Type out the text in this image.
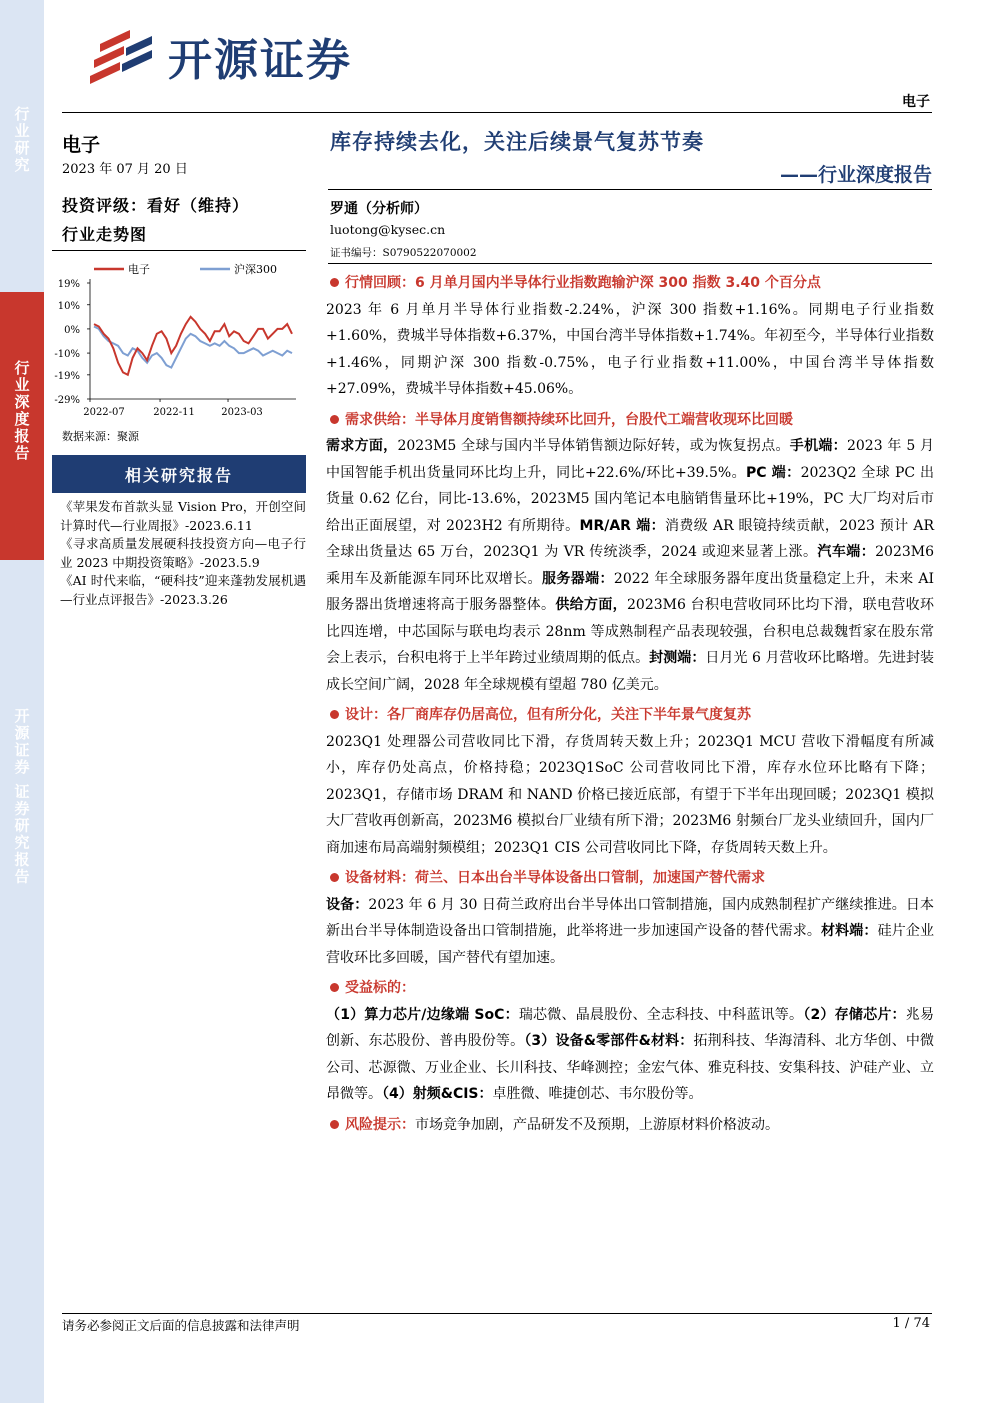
行业研究
行业深度报告
开源证券 证券研究报告
开源证券
电子
电子
2023 年 07 月 20 日
投资评级：看好（维持）
行业走势图
电子	沪深300
19%
10%
0%
-10%
-19%
-29%
2022-07	2022-11	2023-03
数据来源：聚源
相关研究报告
《苹果发布首款头显 Vision Pro，开创空间计算时代—行业周报》-2023.6.11
《寻求高质量发展硬科技投资方向—电子行业 2023 中期投资策略》-2023.5.9
《AI 时代来临，“硬科技”迎来蓬勃发展机遇—行业点评报告》-2023.3.26
库存持续去化，关注后续景气复苏节奏
——行业深度报告
罗通（分析师）
luotong@kysec.cn
证书编号：S0790522070002
行情回顾：6 月单月国内半导体行业指数跑输沪深 300 指数 3.40 个百分点
2023 年 6 月单月半导体行业指数-2.24%，沪深 300 指数+1.16%。同期电子行业指数+1.60%，费城半导体指数+6.37%，中国台湾半导体指数+1.74%。年初至今，半导体行业指数+1.46%，同期沪深 300 指数-0.75%，电子行业指数+11.00%，中国台湾半导体指数+27.09%，费城半导体指数+45.06%。
需求供给：半导体月度销售额持续环比回升，台股代工端营收现环比回暖
需求方面，2023M5 全球与国内半导体销售额边际好转，或为恢复拐点。手机端：2023 年 5 月中国智能手机出货量同环比均上升，同比+22.6%/环比+39.5%。PC 端：2023Q2 全球 PC 出货量 0.62 亿台，同比-13.6%，2023M5 国内笔记本电脑销售量环比+19%，PC 大厂均对后市给出正面展望，对 2023H2 有所期待。MR/AR 端：消费级 AR 眼镜持续贡献，2023 预计 AR 全球出货量达 65 万台，2023Q1 为 VR 传统淡季，2024 或迎来显著上涨。汽车端：2023M6 乘用车及新能源车同环比双增长。服务器端：2022 年全球服务器年度出货量稳定上升，未来 AI 服务器出货增速将高于服务器整体。供给方面，2023M6 台积电营收同环比均下滑，联电营收环比四连增，中芯国际与联电均表示 28nm 等成熟制程产品表现较强，台积电总裁魏哲家在股东常会上表示，台积电将于上半年跨过业绩周期的低点。封测端：日月光 6 月营收环比略增。先进封装成长空间广阔，2028 年全球规模有望超 780 亿美元。
设计：各厂商库存仍居高位，但有所分化，关注下半年景气度复苏
2023Q1 处理器公司营收同比下滑，存货周转天数上升；2023Q1 MCU 营收下滑幅度有所减小，库存仍处高点，价格持稳；2023Q1SoC 公司营收同比下滑，库存水位环比略有下降；2023Q1，存储市场 DRAM 和 NAND 价格已接近底部，有望于下半年出现回暖；2023Q1 模拟大厂营收再创新高，2023M6 模拟台厂业绩有所下滑；2023M6 射频台厂龙头业绩回升，国内厂商加速布局高端射频模组；2023Q1 CIS 公司营收同比下降，存货周转天数上升。
设备材料：荷兰、日本出台半导体设备出口管制，加速国产替代需求
设备：2023 年 6 月 30 日荷兰政府出台半导体出口管制措施，国内成熟制程扩产继续推进。日本新出台半导体制造设备出口管制措施，此举将进一步加速国产设备的替代需求。材料端：硅片企业营收环比多回暖，国产替代有望加速。
受益标的：
（1）算力芯片/边缘端 SoC：瑞芯微、晶晨股份、全志科技、中科蓝讯等。（2）存储芯片：兆易创新、东芯股份、普冉股份等。（3）设备&零部件&材料：拓荆科技、华海清科、北方华创、中微公司、芯源微、万业企业、长川科技、华峰测控；金宏气体、雅克科技、安集科技、沪硅产业、立昂微等。（4）射频&CIS：卓胜微、唯捷创芯、韦尔股份等。
风险提示：市场竞争加剧，产品研发不及预期，上游原材料价格波动。
请务必参阅正文后面的信息披露和法律声明	1 / 74
